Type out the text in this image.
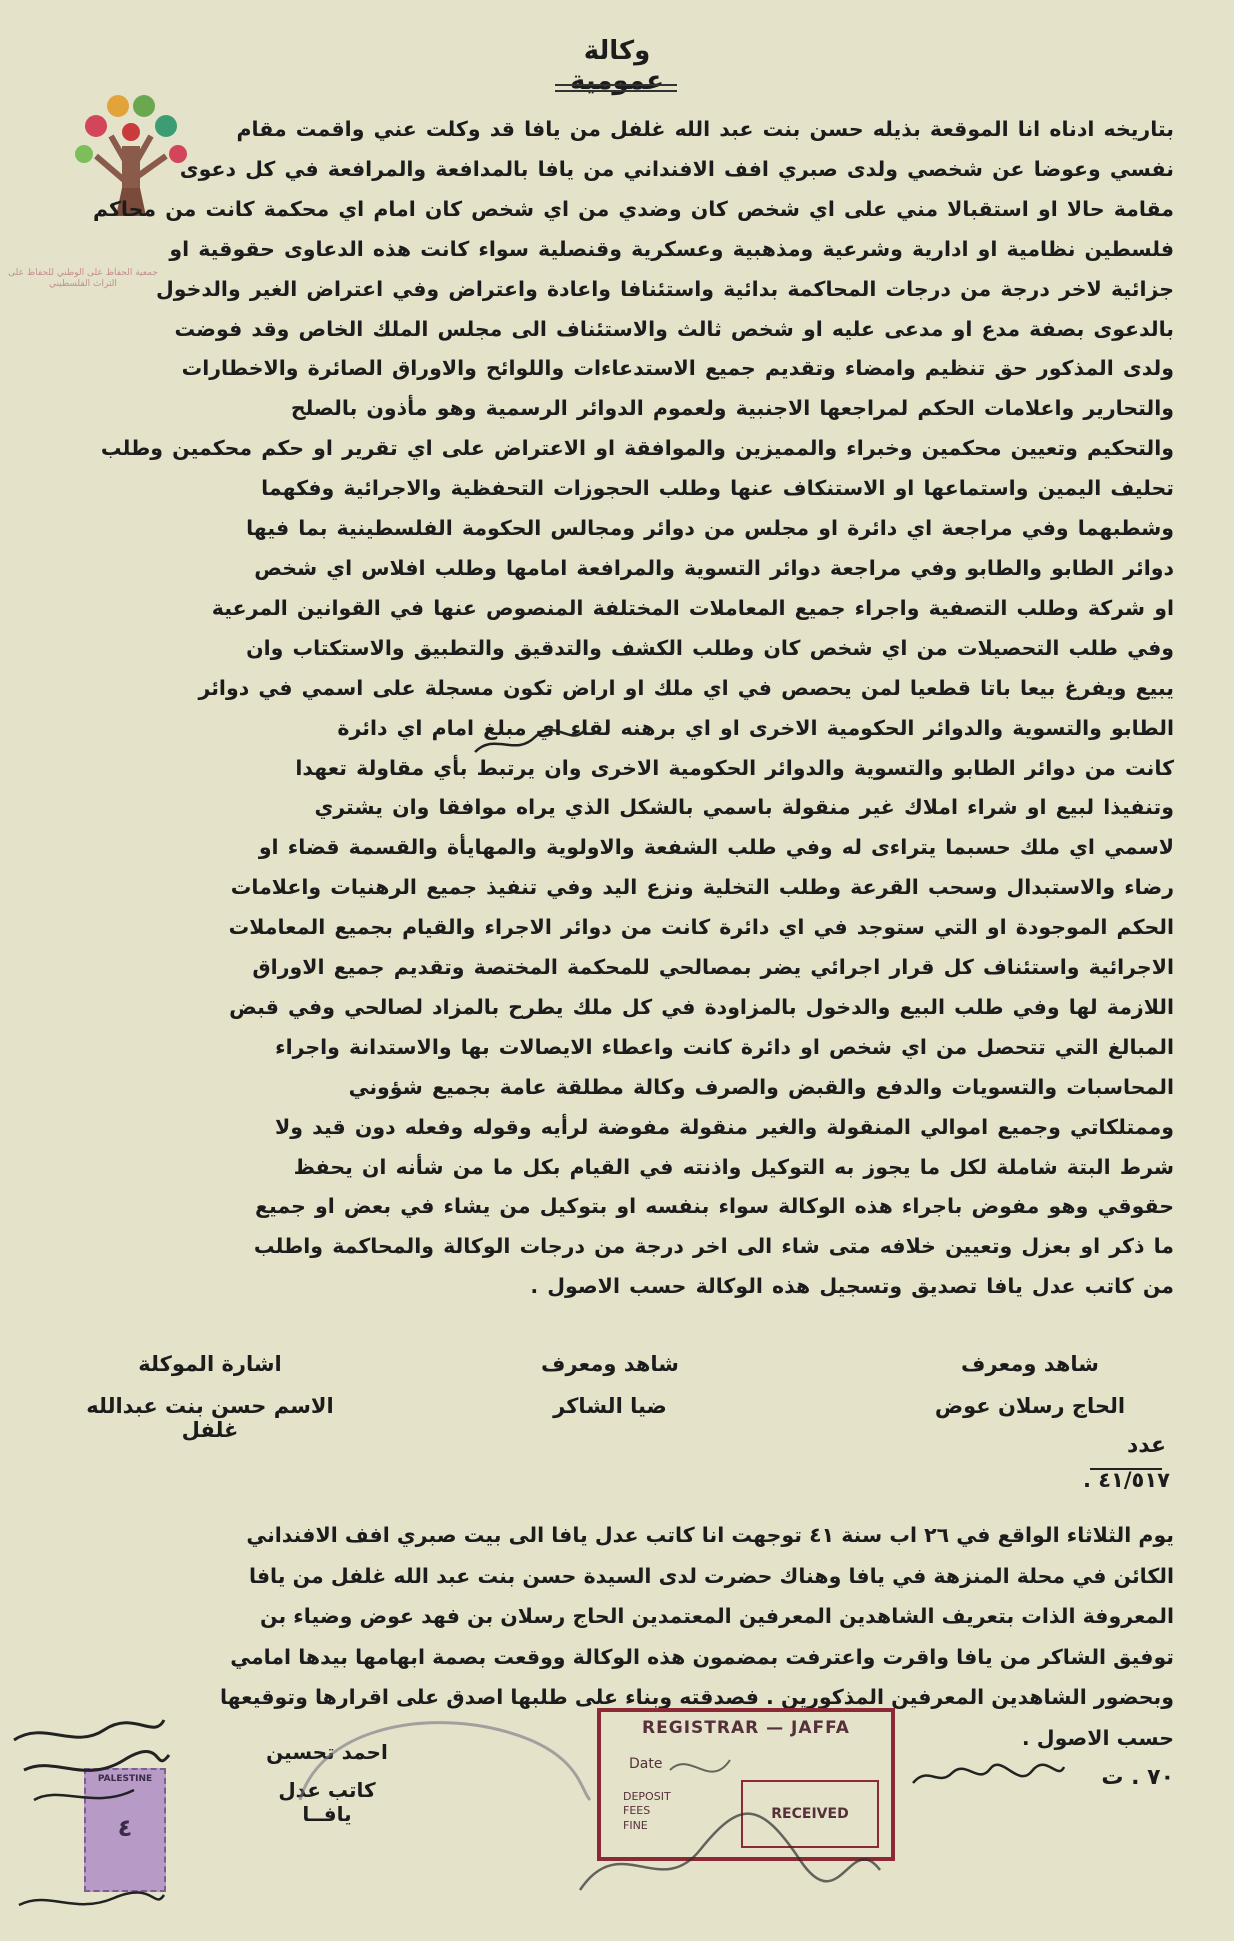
جمعية الحفاظ على الوطني للحفاظ على التراث الفلسطيني
وكالة عمومية
بتاريخه ادناه انا الموقعة بذيله حسن بنت عبد الله غلفل من يافا قد وكلت عني واقمت مقام
نفسي وعوضا عن شخصي ولدى صبري افف الافنداني من يافا بالمدافعة والمرافعة في كل دعوى
مقامة حالا او استقبالا مني على اي شخص كان وضدي من اي شخص كان امام اي محكمة كانت من محاكم
فلسطين نظامية او ادارية وشرعية ومذهبية وعسكرية وقنصلية سواء كانت هذه الدعاوى حقوقية او
جزائية لاخر درجة من درجات المحاكمة بدائية واستئنافا واعادة واعتراض وفي اعتراض الغير والدخول
بالدعوى بصفة مدع او مدعى عليه او شخص ثالث والاستئناف الى مجلس الملك الخاص وقد فوضت
ولدى المذكور حق تنظيم وامضاء وتقديم جميع الاستدعاءات واللوائح والاوراق الصائرة والاخطارات
والتحارير واعلامات الحكم لمراجعها الاجنبية ولعموم الدوائر الرسمية وهو مأذون بالصلح
والتحكيم وتعيين محكمين وخبراء والمميزين والموافقة او الاعتراض على اي تقرير او حكم محكمين وطلب
تحليف اليمين واستماعها او الاستنكاف عنها وطلب الحجوزات التحفظية والاجرائية وفكهما
وشطبهما وفي مراجعة اي دائرة او مجلس من دوائر ومجالس الحكومة الفلسطينية بما فيها
دوائر الطابو والطابو وفي مراجعة دوائر التسوية والمرافعة امامها وطلب افلاس اي شخص
او شركة وطلب التصفية واجراء جميع المعاملات المختلفة المنصوص عنها في القوانين المرعية
وفي طلب التحصيلات من اي شخص كان وطلب الكشف والتدقيق والتطبيق والاستكتاب وان
يبيع ويفرغ بيعا باتا قطعيا لمن يحصص في اي ملك او اراض تكون مسجلة على اسمي في دوائر
الطابو والتسوية والدوائر الحكومية الاخرى او اي برهنه لقاء اي مبلغ امام اي دائرة
كانت من دوائر الطابو والتسوية والدوائر الحكومية الاخرى وان يرتبط بأي مقاولة تعهدا
وتنفيذا لبيع او شراء املاك غير منقولة باسمي بالشكل الذي يراه موافقا وان يشتري
لاسمي اي ملك حسبما يتراءى له وفي طلب الشفعة والاولوية والمهايأة والقسمة قضاء او
رضاء والاستبدال وسحب القرعة وطلب التخلية ونزع اليد وفي تنفيذ جميع الرهنيات واعلامات
الحكم الموجودة او التي ستوجد في اي دائرة كانت من دوائر الاجراء والقيام بجميع المعاملات
الاجرائية واستئناف كل قرار اجرائي يضر بمصالحي للمحكمة المختصة وتقديم جميع الاوراق
اللازمة لها وفي طلب البيع والدخول بالمزاودة في كل ملك يطرح بالمزاد لصالحي وفي قبض
المبالغ التي تتحصل من اي شخص او دائرة كانت واعطاء الايصالات بها والاستدانة واجراء
المحاسبات والتسويات والدفع والقبض والصرف وكالة مطلقة عامة بجميع شؤوني
وممتلكاتي وجميع اموالي المنقولة والغير منقولة مفوضة لرأيه وقوله وفعله دون قيد ولا
شرط البتة شاملة لكل ما يجوز به التوكيل واذنته في القيام بكل ما من شأنه ان يحفظ
حقوقي وهو مفوض باجراء هذه الوكالة سواء بنفسه او بتوكيل من يشاء في بعض او جميع
ما ذكر او بعزل وتعيين خلافه متى شاء الى اخر درجة من درجات الوكالة والمحاكمة واطلب
من كاتب عدل يافا تصديق وتسجيل هذه الوكالة حسب الاصول .
شاهد ومعرف
شاهد ومعرف
اشارة الموكلة
الحاج رسلان عوض
ضيا الشاكر
الاسم حسن بنت عبدالله غلفل
عدد
٤١/٥١٧ .
يوم الثلاثاء الواقع في ٢٦ اب سنة ٤١ توجهت انا كاتب عدل يافا الى بيت صبري افف الافنداني
الكائن في محلة المنزهة في يافا وهناك حضرت لدى السيدة حسن بنت عبد الله غلفل من يافا
المعروفة الذات بتعريف الشاهدين المعرفين المعتمدين الحاج رسلان بن فهد عوض وضياء بن
توفيق الشاكر من يافا واقرت واعترفت بمضمون هذه الوكالة ووقعت بصمة ابهامها بيدها امامي
وبحضور الشاهدين المعرفين المذكورين . فصدقته وبناء على طلبها اصدق على اقرارها وتوقيعها
حسب الاصول .
احمد تحسين
كاتب عدل يافــا
REGISTRAR — JAFFA
Date
DEPOSIT
FEES
FINE
RECEIVED
PALESTINE
٤
٧٠ . ت
